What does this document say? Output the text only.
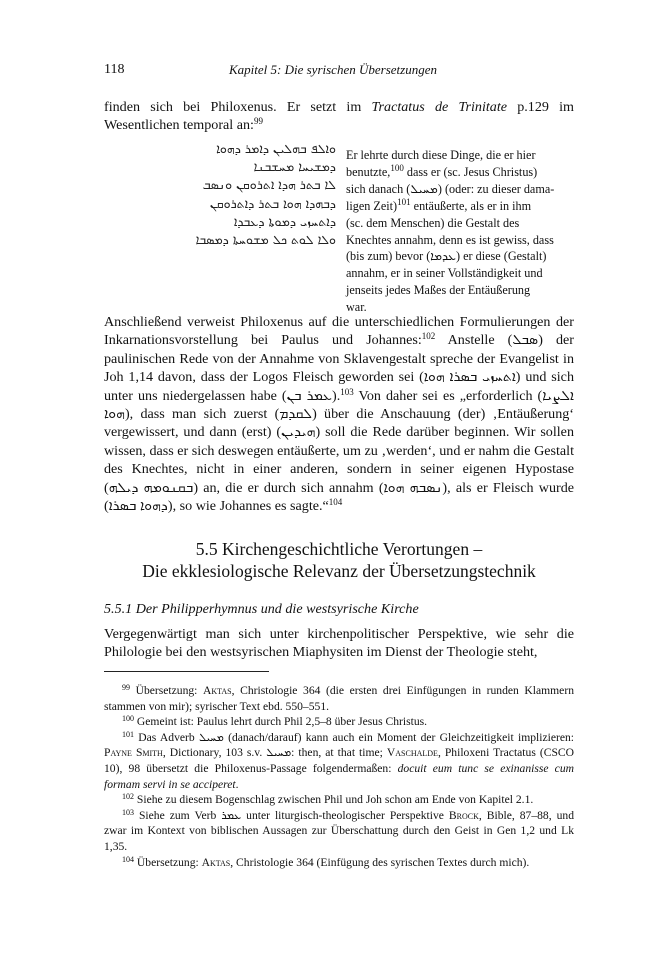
118	Kapitel 5: Die syrischen Übersetzungen
finden sich bei Philoxenus. Er setzt im Tractatus de Trinitate p.129 im Wesentlichen temporal an:$^{99}$
ܘܐܠܦ ܒܗܠܝܢ ܕܐܡܪ ܕܗܘܐ
ܕܡܫܝܚܐ ܡܚܫܒܢܐ
ܠܐ ܒܬܪ ܗܕܐ ܐܬܪܘܩܢ ܘܢܣܒ
ܕܒܗܕܐ ܗܘܐ ܒܬܪ ܕܐܬܪܘܩܢ
ܕܐܬܚܙܝ ܕܡܘܬܐ ܕܥܒܕܐ
ܘܠܐ ܠܘܬ ܟܠ ܡܫܘܚܬܐ ܕܡܣܒܐ
Er lehrte durch diese Dinge, die er hier
benutzte,$^{100}$ dass er (sc. Jesus Christus)
sich danach (ܡܚܝܠ) (oder: zu dieser dama-
ligen Zeit)$^{101}$ entäußerte, als er in ihm
(sc. dem Menschen) die Gestalt des
Knechtes annahm, denn es ist gewiss, dass
(bis zum) bevor (ܥܕܡܐ) er diese (Gestalt)
annahm, er in seiner Vollständigkeit und
jenseits jedes Maßes der Entäußerung
war.
Anschließend verweist Philoxenus auf die unterschiedlichen Formulierungen der Inkarnationsvorstellung bei Paulus und Johannes:$^{102}$ Anstelle (ܣܒܠ) der paulinischen Rede von der Annahme von Sklavengestalt spreche der Evangelist in Joh 1,14 davon, dass der Logos Fleisch geworden sei (ܐܬܚܙܝ ܒܣܪܐ ܗܘܐ) und sich unter uns niedergelassen habe (ܥܡܪ ܒܢ).$^{103}$ Von daher sei es „erforderlich (ܐܠܨܝܐ ܗܘܐ), dass man sich zuerst (ܠܩܕܡ) über die Anschauung (der) ‚Entäußerung‘ vergewissert, und dann (erst) (ܗܝܕܝܢ) soll die Rede darüber beginnen. Wir sollen wissen, dass er sich deswegen entäußerte, um zu ‚werden‘, und er nahm die Gestalt des Knechtes, nicht in einer anderen, sondern in seiner eigenen Hypostase (ܒܩܢܘܡܗ ܕܝܠܗ) an, die er durch sich annahm (ܢܣܒܗ ܗܘܐ), als er Fleisch wurde (ܕܗܘܐ ܒܣܪܐ), so wie Johannes es sagte.“$^{104}$
5.5 Kirchengeschichtliche Verortungen –
Die ekklesiologische Relevanz der Übersetzungstechnik
5.5.1 Der Philipperhymnus und die westsyrische Kirche
Vergegenwärtigt man sich unter kirchenpolitischer Perspektive, wie sehr die Philologie bei den westsyrischen Miaphysiten im Dienst der Theologie steht,

$^{99}$ Übersetzung: Aktas, Christologie 364 (die ersten drei Einfügungen in runden Klammern stammen von mir); syrischer Text ebd. 550–551.

$^{100}$ Gemeint ist: Paulus lehrt durch Phil 2,5–8 über Jesus Christus.

$^{101}$ Das Adverb ܡܚܝܠ (danach/darauf) kann auch ein Moment der Gleichzeitigkeit implizieren: Payne Smith, Dictionary, 103 s.v. ܡܚܝܠ: then, at that time; Vaschalde, Philoxeni Tractatus (CSCO 10), 98 übersetzt die Philoxenus-Passage folgendermaßen: docuit eum tunc se exinanisse cum formam servi in se acciperet.

$^{102}$ Siehe zu diesem Bogenschlag zwischen Phil und Joh schon am Ende von Kapitel 2.1.

$^{103}$ Siehe zum Verb ܥܡܪ unter liturgisch-theologischer Perspektive Brock, Bible, 87–88, und zwar im Kontext von biblischen Aussagen zur Überschattung durch den Geist in Gen 1,2 und Lk 1,35.

$^{104}$ Übersetzung: Aktas, Christologie 364 (Einfügung des syrischen Textes durch mich).
